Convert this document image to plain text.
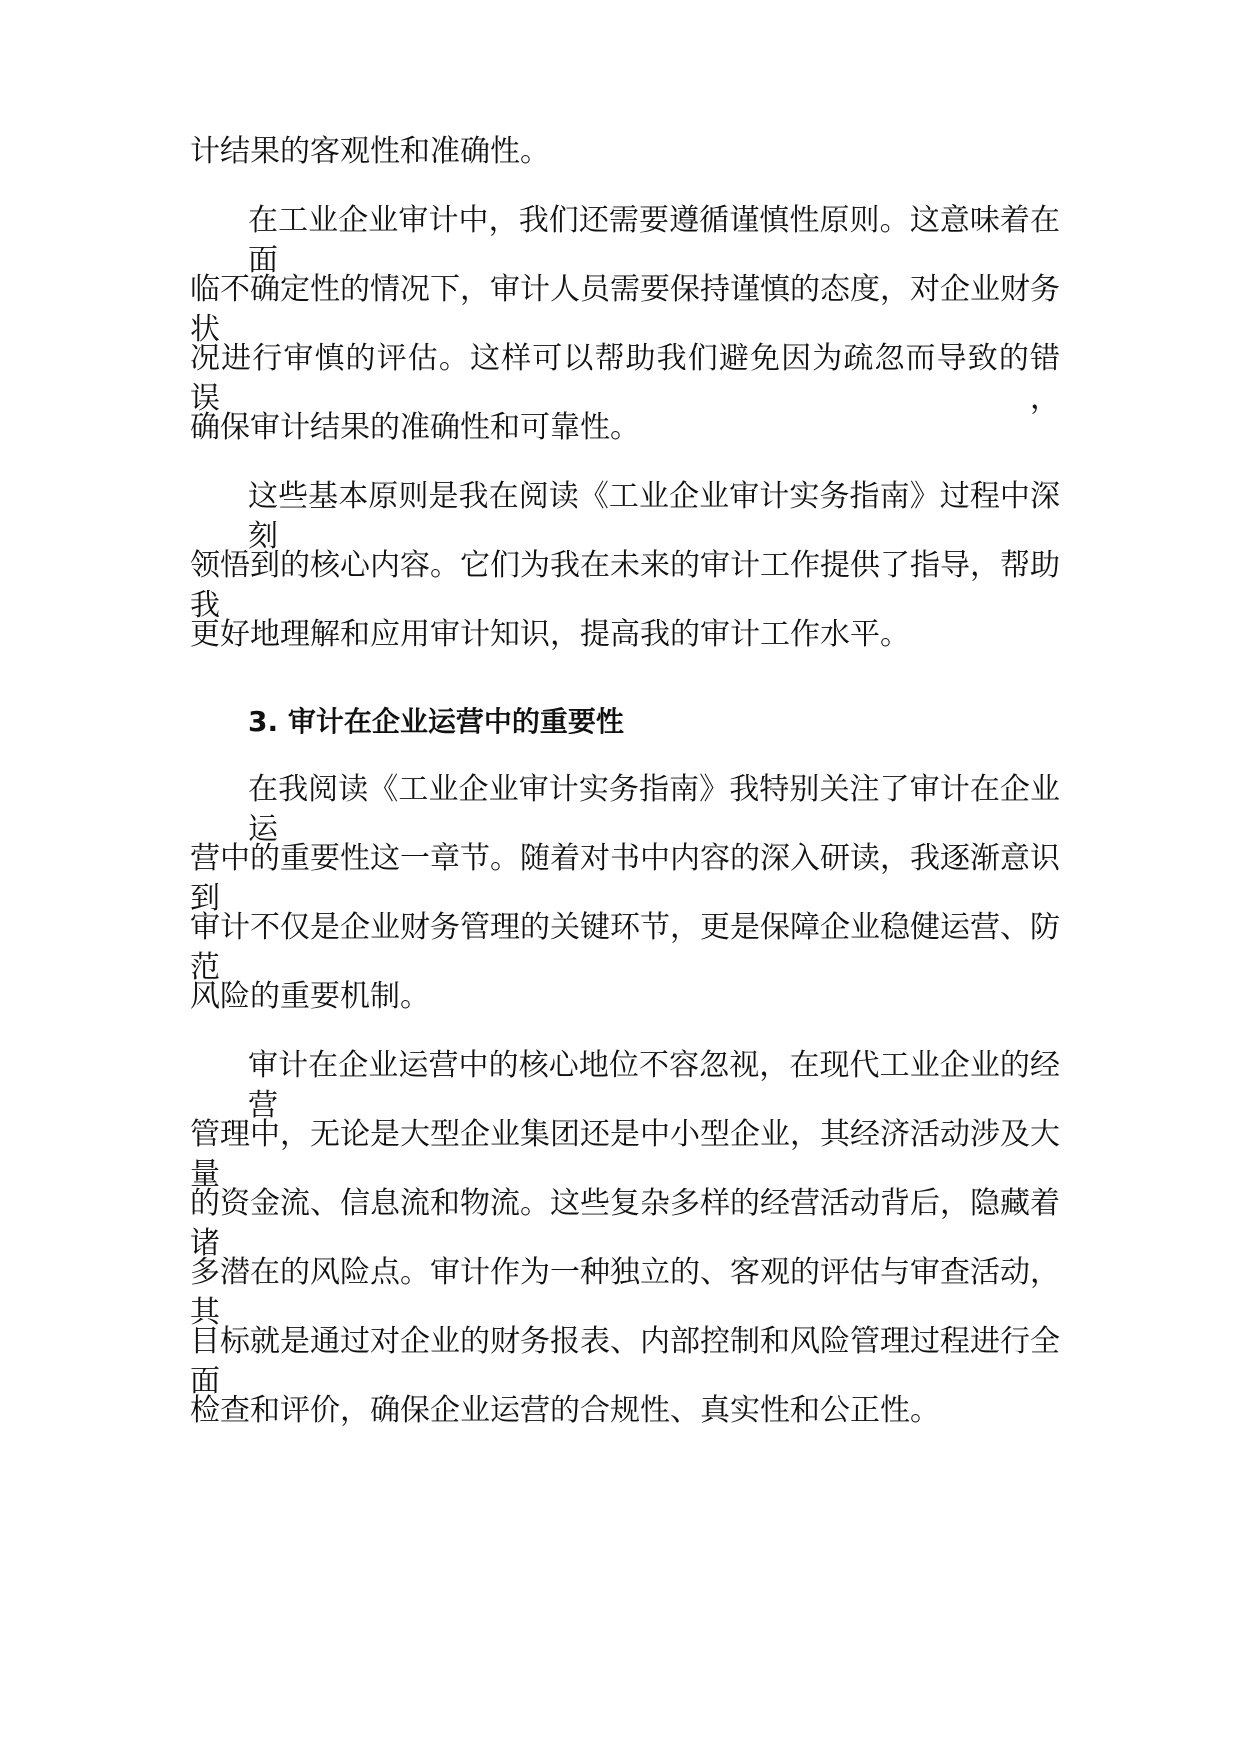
计结果的客观性和准确性。
在工业企业审计中，我们还需要遵循谨慎性原则。这意味着在面
临不确定性的情况下，审计人员需要保持谨慎的态度，对企业财务状
况进行审慎的评估。这样可以帮助我们避免因为疏忽而导致的错误，
确保审计结果的准确性和可靠性。
这些基本原则是我在阅读《工业企业审计实务指南》过程中深刻
领悟到的核心内容。它们为我在未来的审计工作提供了指导，帮助我
更好地理解和应用审计知识，提高我的审计工作水平。
3. 审计在企业运营中的重要性
在我阅读《工业企业审计实务指南》我特别关注了审计在企业运
营中的重要性这一章节。随着对书中内容的深入研读，我逐渐意识到
审计不仅是企业财务管理的关键环节，更是保障企业稳健运营、防范
风险的重要机制。
审计在企业运营中的核心地位不容忽视，在现代工业企业的经营
管理中，无论是大型企业集团还是中小型企业，其经济活动涉及大量
的资金流、信息流和物流。这些复杂多样的经营活动背后，隐藏着诸
多潜在的风险点。审计作为一种独立的、客观的评估与审查活动，其
目标就是通过对企业的财务报表、内部控制和风险管理过程进行全面
检查和评价，确保企业运营的合规性、真实性和公正性。
